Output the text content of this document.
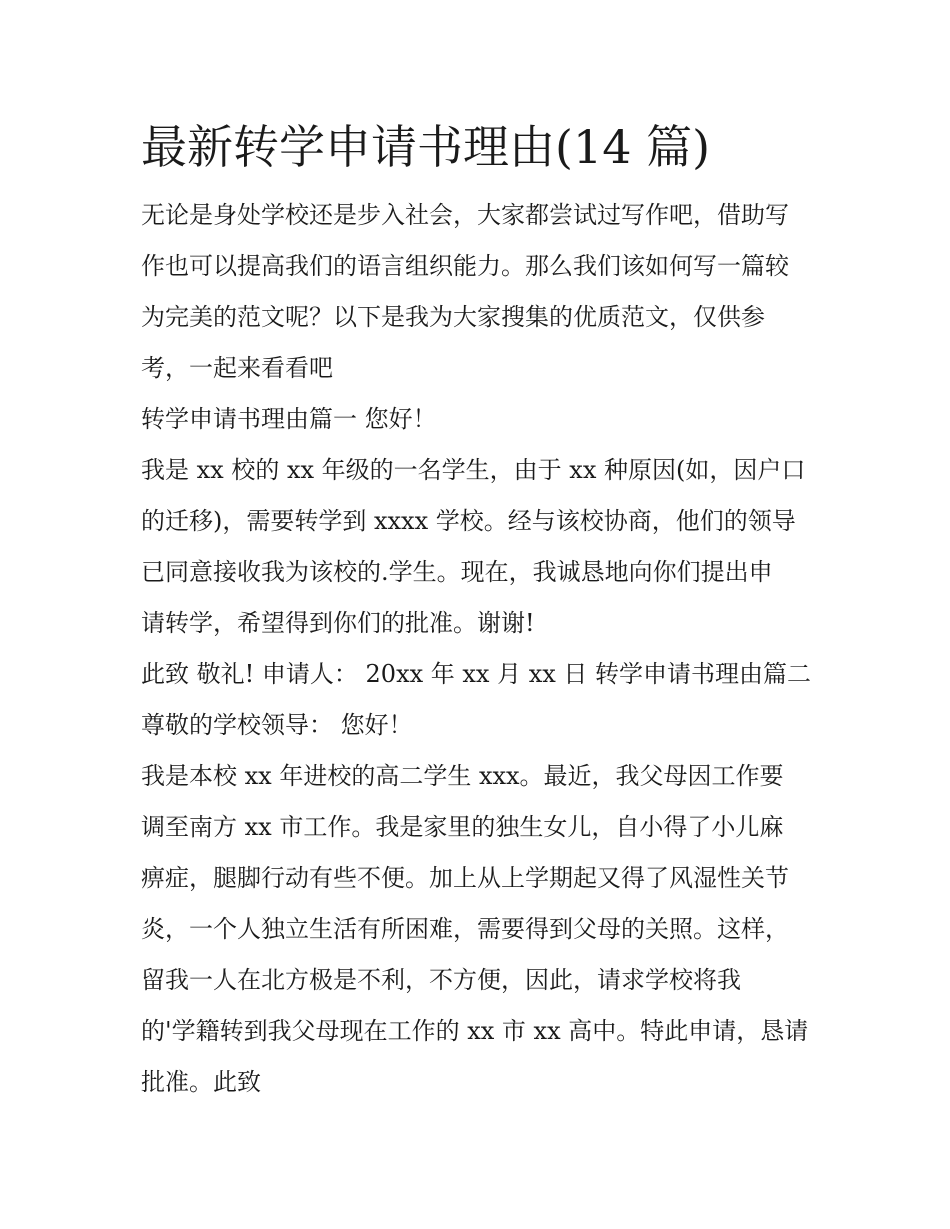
最新转学申请书理由(14 篇)
无论是身处学校还是步入社会，大家都尝试过写作吧，借助写
作也可以提高我们的语言组织能力。那么我们该如何写一篇较
为完美的范文呢？以下是我为大家搜集的优质范文，仅供参
考，一起来看看吧
转学申请书理由篇一 您好！
我是 xx 校的 xx 年级的一名学生，由于 xx 种原因(如，因户口
的迁移)，需要转学到 xxxx 学校。经与该校协商，他们的领导
已同意接收我为该校的.学生。现在，我诚恳地向你们提出申
请转学，希望得到你们的批准。谢谢!
此致 敬礼! 申请人： 20xx 年 xx 月 xx 日 转学申请书理由篇二
尊敬的学校领导： 您好！
我是本校 xx 年进校的高二学生 xxx。最近，我父母因工作要
调至南方 xx 市工作。我是家里的独生女儿，自小得了小儿麻
痹症，腿脚行动有些不便。加上从上学期起又得了风湿性关节
炎，一个人独立生活有所困难，需要得到父母的关照。这样，
留我一人在北方极是不利，不方便，因此，请求学校将我
的'学籍转到我父母现在工作的 xx 市 xx 高中。特此申请，恳请
批准。此致
